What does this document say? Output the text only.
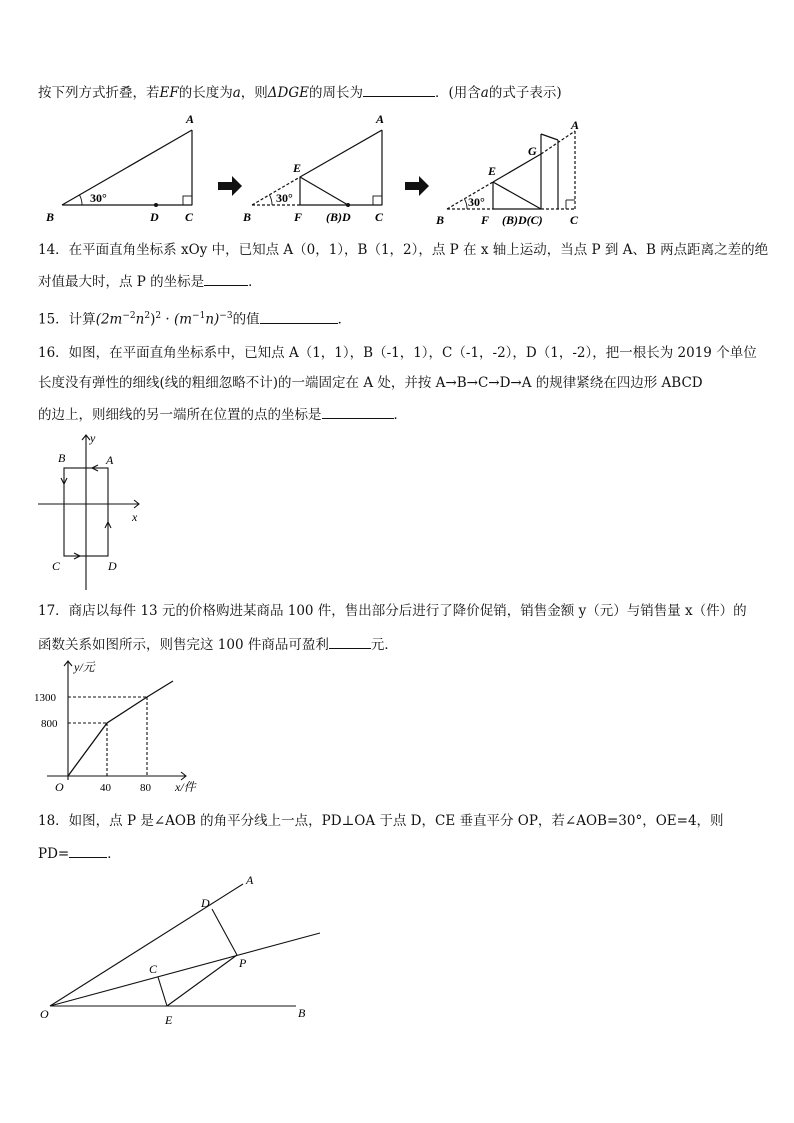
按下列方式折叠，若EF的长度为a，则ΔDGE的周长为	．(用含a的式子表示)
A
B	D C
30°
A
E
B	F (B)D C
30°
A
G
E
B	F (B)D(C) C
30°
14．在平面直角坐标系 xOy 中，已知点 A（0，1），B（1，2），点 P 在 x 轴上运动，当点 P 到 A、B 两点距离之差的绝
对值最大时，点 P 的坐标是	．
15．计算$(2m^{-2}n^2)^2 \cdot (m^{-1}n)^{-3}$的值	．
16．如图，在平面直角坐标系中，已知点 A（1，1），B（-1，1），C（-1，-2），D（1，-2），把一根长为 2019 个单位
长度没有弹性的细线(线的粗细忽略不计)的一端固定在 A 处，并按 A→B→C→D→A 的规律紧绕在四边形 ABCD
的边上，则细线的另一端所在位置的点的坐标是	．
y
x
B	A
C	D
17．商店以每件 13 元的价格购进某商品 100 件，售出部分后进行了降价促销，销售金额 y（元）与销售量 x（件）的
函数关系如图所示，则售完这 100 件商品可盈利	元．
y/元
x/件
O
1300
800
40	80
18．如图，点 P 是∠AOB 的角平分线上一点，PD⊥OA 于点 D，CE 垂直平分 OP，若∠AOB=30°，OE=4，则
PD=	．
A
D
P
C
O	E	B
